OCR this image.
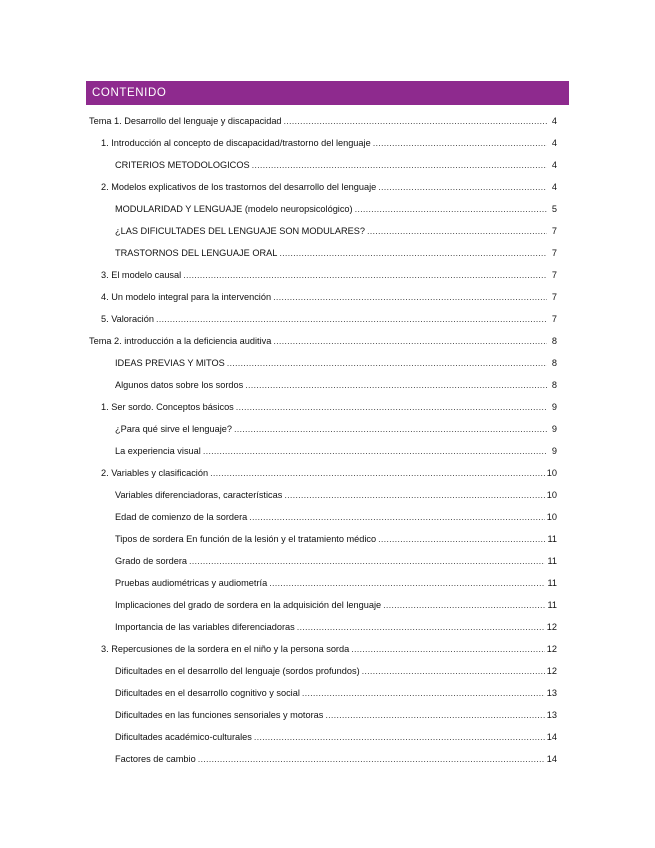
CONTENIDO
Tema 1. Desarrollo del lenguaje y discapacidad .....	4
1. Introducción al concepto de discapacidad/trastorno del lenguaje .....	4
CRITERIOS METODOLOGICOS .....	4
2. Modelos explicativos de los trastornos del desarrollo del lenguaje .....	4
MODULARIDAD Y LENGUAJE (modelo neuropsicológico) .....	5
¿LAS DIFICULTADES DEL LENGUAJE SON MODULARES? .....	7
TRASTORNOS DEL LENGUAJE ORAL .....	7
3. El modelo causal .....	7
4. Un modelo integral para la intervención .....	7
5. Valoración .....	7
Tema 2. introducción a la deficiencia auditiva .....	8
IDEAS PREVIAS Y MITOS .....	8
Algunos datos sobre los sordos .....	8
1. Ser sordo. Conceptos básicos .....	9
¿Para qué sirve el lenguaje? .....	9
La experiencia visual .....	9
2. Variables y clasificación .....	10
Variables diferenciadoras, características .....	10
Edad de comienzo de la sordera .....	10
Tipos de sordera En función de la lesión y el tratamiento médico .....	11
Grado de sordera .....	11
Pruebas audiométricas y audiometría .....	11
Implicaciones del grado de sordera en la adquisición del lenguaje .....	11
Importancia de las variables diferenciadoras .....	12
3. Repercusiones de la sordera en el niño y la persona sorda .....	12
Dificultades en el desarrollo del lenguaje (sordos profundos) .....	12
Dificultades en el desarrollo cognitivo y social .....	13
Dificultades en las funciones sensoriales y motoras .....	13
Dificultades académico-culturales .....	14
Factores de cambio .....	14
